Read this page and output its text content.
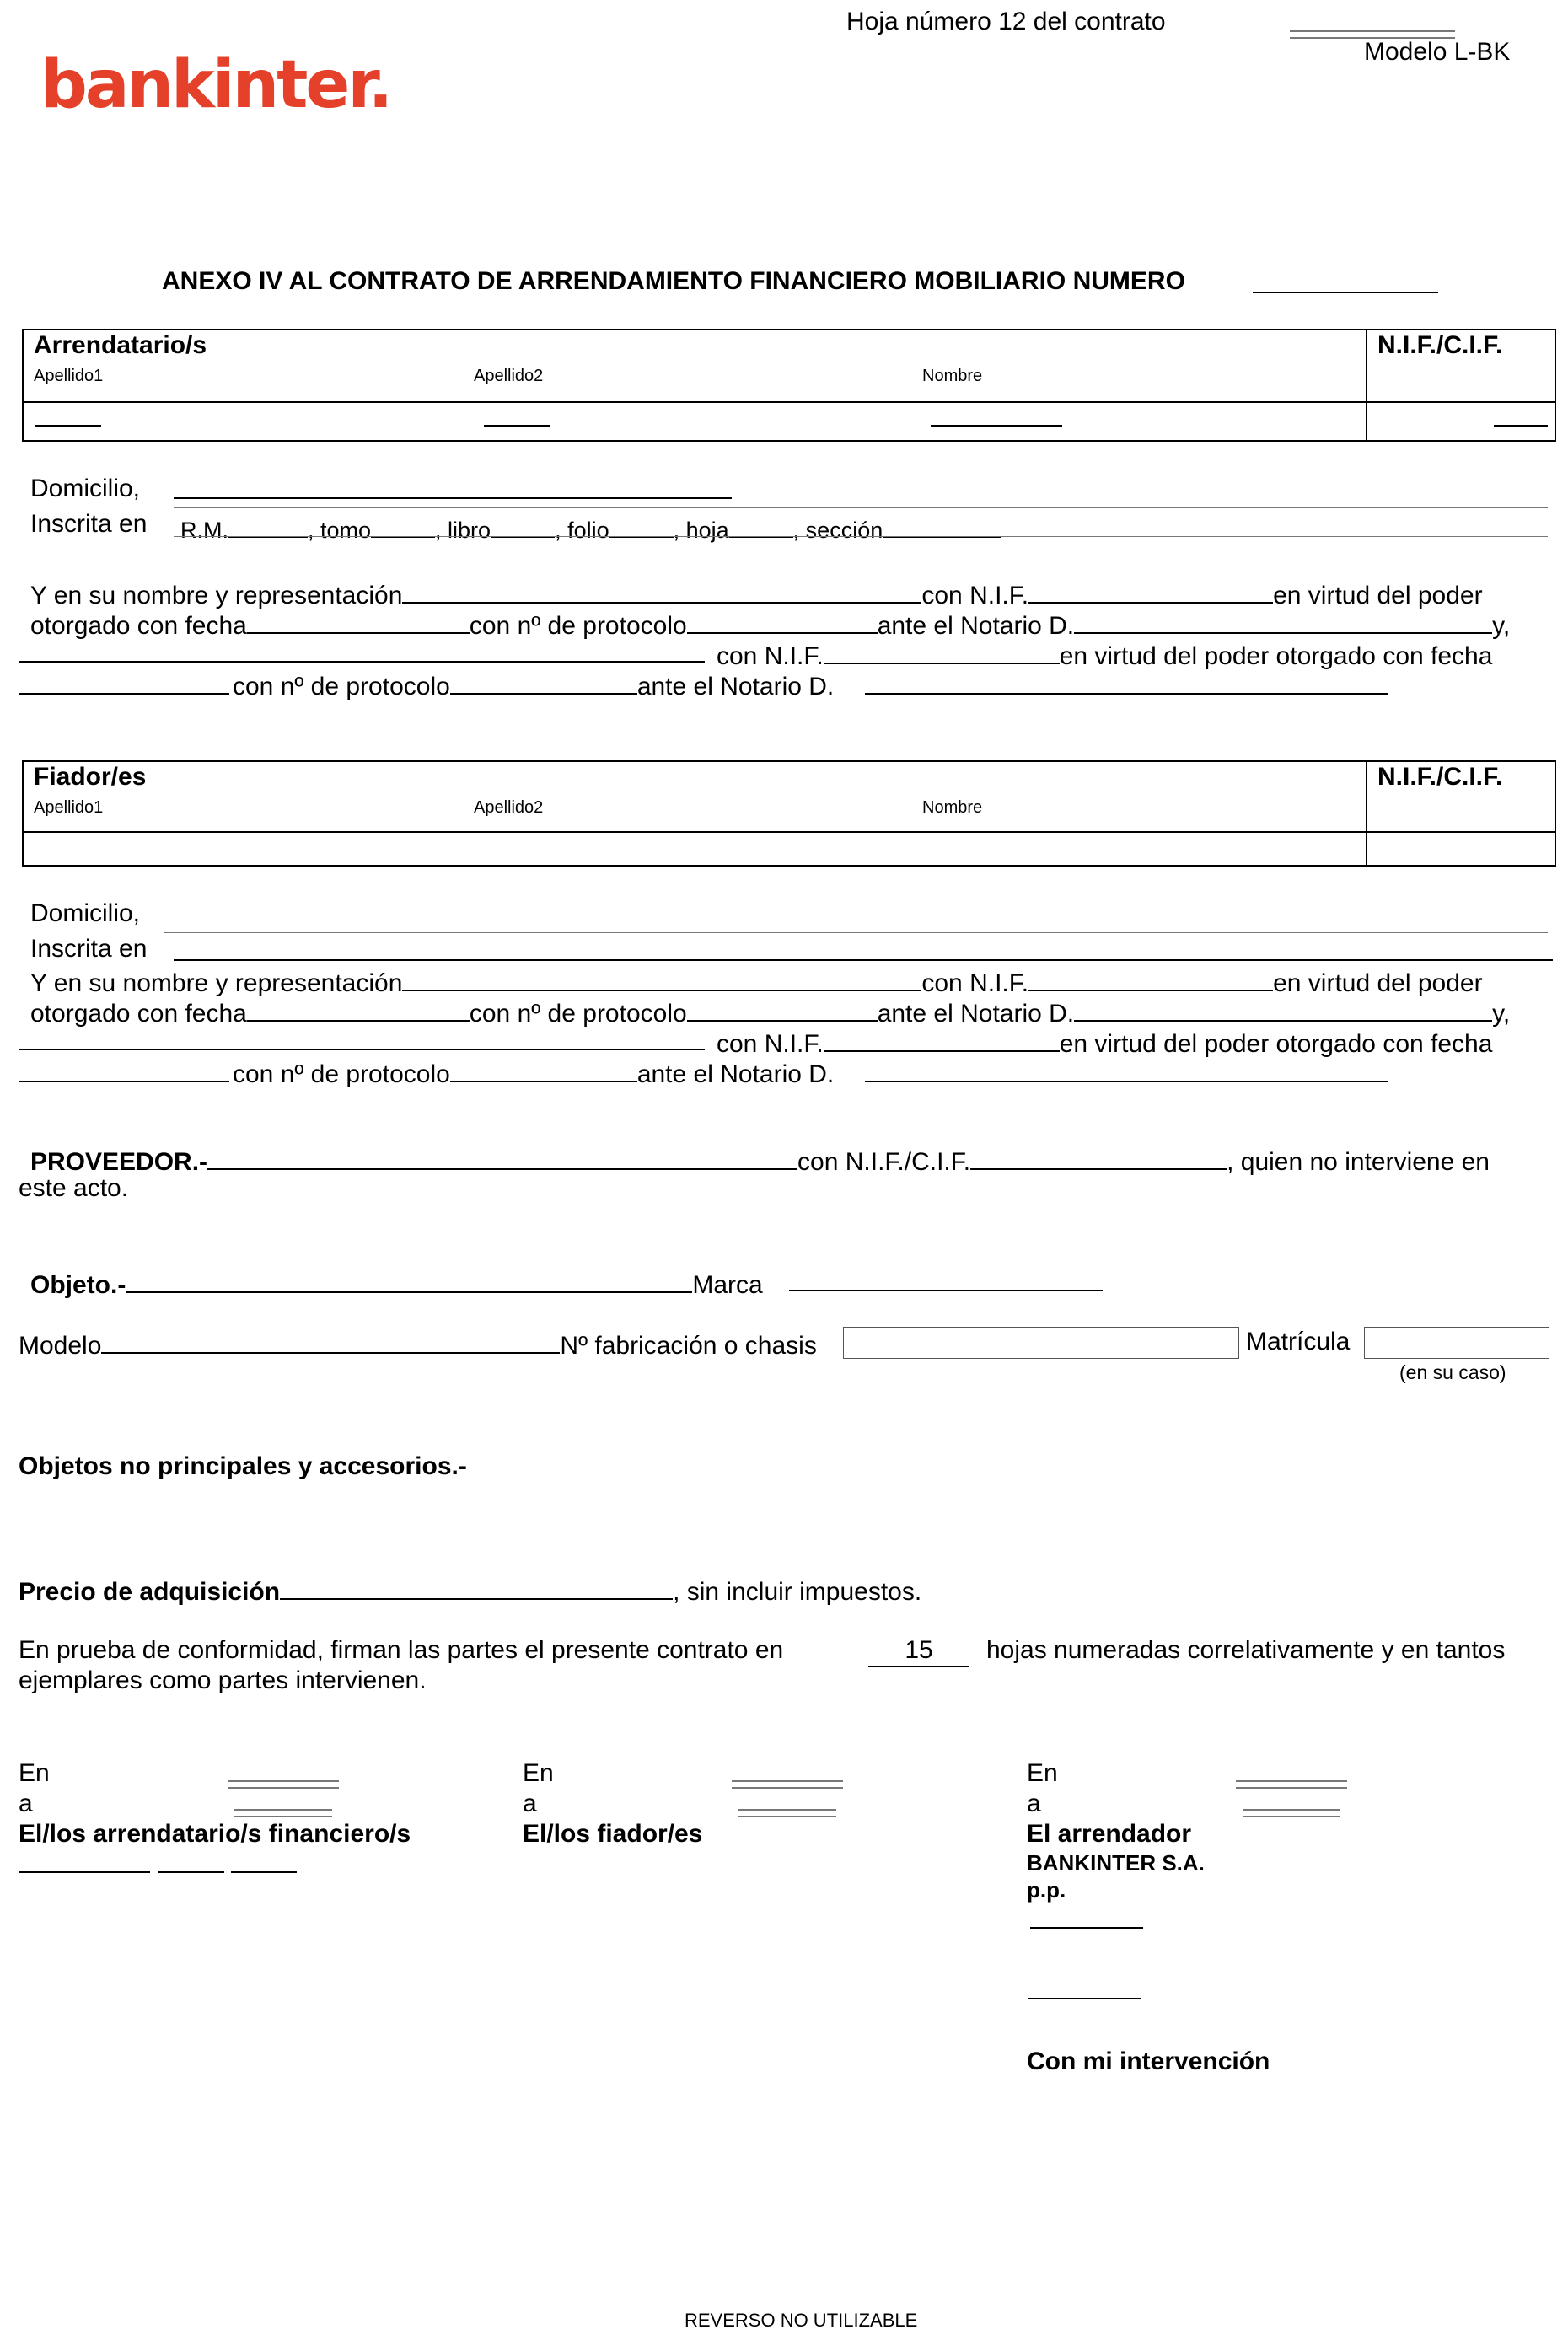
bankinter.
Hoja número 12 del contrato
Modelo L-BK
ANEXO IV AL CONTRATO DE ARRENDAMIENTO FINANCIERO MOBILIARIO NUMERO
Arrendatario/s	N.I.F./C.I.F.
Apellido1	Apellido2	Nombre
Domicilio,
Inscrita en R.M.	, tomo	, libro	, folio	, hoja	, sección
Y en su nombre y representación	con N.I.F.	en virtud del poder
otorgado con fecha	con nº de protocolo	ante el Notario D.	y,
con N.I.F.	en virtud del poder otorgado con fecha
con nº de protocolo	ante el Notario D.
Fiador/es	N.I.F./C.I.F.
Apellido1	Apellido2	Nombre
Domicilio,
Inscrita en
Y en su nombre y representación	con N.I.F.	en virtud del poder
otorgado con fecha	con nº de protocolo	ante el Notario D.	y,
con N.I.F.	en virtud del poder otorgado con fecha
con nº de protocolo	ante el Notario D.
PROVEEDOR.-	con N.I.F./C.I.F.	, quien no interviene en
este acto.
Objeto.-	Marca
Modelo	Nº fabricación o chasis	Matrícula
(en su caso)
Objetos no principales y accesorios.-
Precio de adquisición	, sin incluir impuestos.
En prueba de conformidad, firman las partes el presente contrato en	15	hojas numeradas correlativamente y en tantos
ejemplares como partes intervienen.
En
a
El/los arrendatario/s financiero/s
En
a
El/los fiador/es
En
a
El arrendador
BANKINTER S.A.
p.p.
Con mi intervención
REVERSO NO UTILIZABLE
